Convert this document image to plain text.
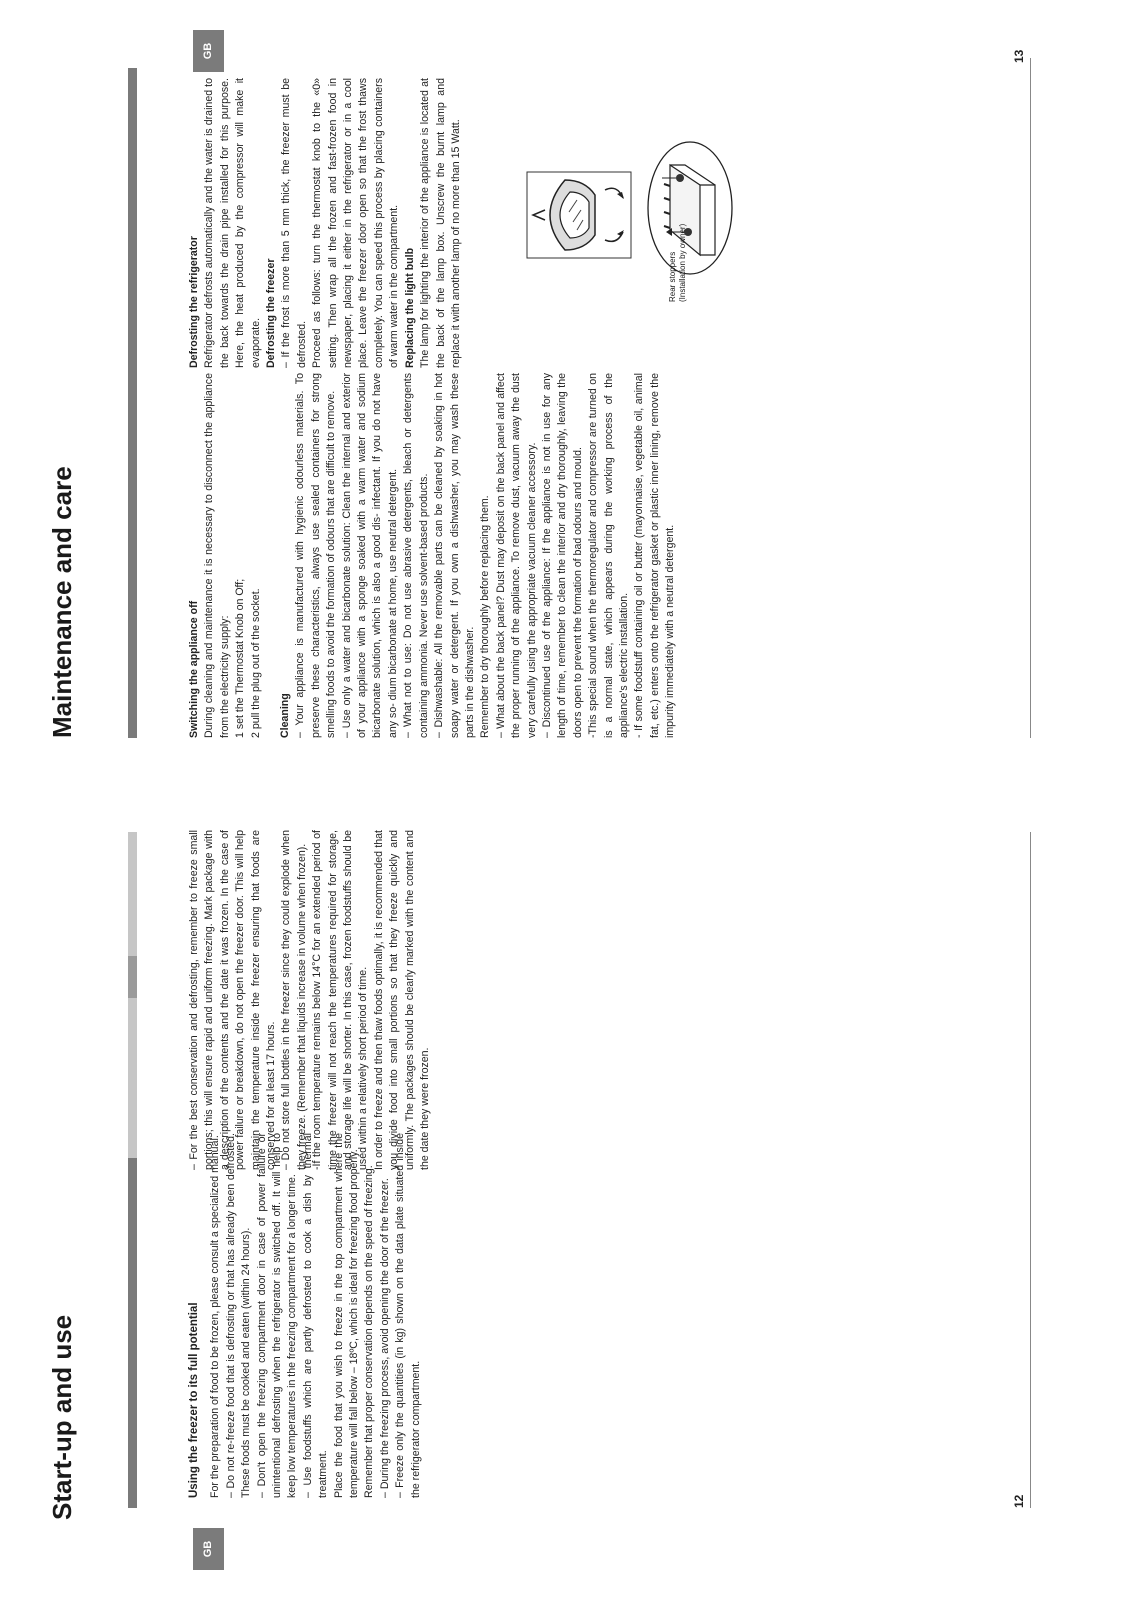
12
GB
Start-up and use	Using the freezer to its full potential For the preparation of food to be frozen, please consult a specialized manual. – Do not re-freeze food that is defrosting or that has already been defrosted. These foods must be cooked and eaten (within 24 hours). – Don't open the freezing compartment door in case of power failure or unintentional defrosting when the refrigerator is switched off. It will help to keep low temperatures in the freezing compartment for a longer time. – Use foodstuffs which are partly defrosted to cook a dish by thermal treatment. Place the food that you wish to freeze in the top compartment where the temperature will fall below – 18ºC, which is ideal for freezing food properly. Remember that proper conservation depends on the speed of freezing. – During the freezing process, avoid opening the door of the freezer. – Freeze only the quantities (in kg) shown on the data plate situated inside the refrigerator compartment.

– For the best conservation and defrosting, remember to freeze small portions; this will ensure rapid and uniform freezing. Mark package with a description of the contents and the date it was frozen. In the case of power failure or breakdown, do not open the freezer door. This will help maintain the temperature inside the freezer ensuring that foods are conserved for at least 17 hours. – Do not store full bottles in the freezer since they could explode when they freeze. (Remember that liquids increase in volume when frozen). -If the room temperature remains below 14°C for an extended period of time the freezer will not reach the temperatures required for storage, and storage life will be shorter. In this case, frozen foodstuffs should be used within a relatively short period of time. In order to freeze and then thaw foods optimally, it is recommended that you divide food into small portions so that they freeze quickly and uniformly. The packages should be clearly marked with the content and the date they were frozen.

GB
Maintenance and care	Switching the appliance off During cleaning and maintenance it is necessary to disconnect the appliance from the electricity supply: 1 set the Thermostat Knob on Off; 2 pull the plug out of the socket. Cleaning – Your appliance is manufactured with hygienic odourless materials. To preserve these characteristics, always use sealed containers for strong smelling foods to avoid the formation of odours that are difficult to remove. – Use only a water and bicarbonate solution: Clean the internal and exterior of your appliance with a sponge soaked with a warm water and sodium bicarbonate solution, which is also a good dis- infectant. If you do not have any so- dium bicarbonate at home, use neutral detergent. – What not to use: Do not use abrasive detergents, bleach or detergents containing ammonia. Never use solvent-based products. – Dishwashable: All the removable parts can be cleaned by soaking in hot soapy water or detergent. If you own a dishwasher, you may wash these parts in the dishwasher. Remember to dry thoroughly before replacing them. – What about the back panel? Dust may deposit on the back panel and affect the proper running of the appliance. To remove dust, vacuum away the dust very carefully using the appropriate vacuum cleaner accessory. – Discontinued use of the appliance: If the appliance is not in use for any length of time, remember to clean the interior and dry thoroughly, leaving the doors open to prevent the formation of bad odours and mould. -This special sound when the thermoregulator and compressor are turned on is a normal state, which appears during the working process of the appliance's electric installation. - If some foodstuff containing oil or butter (mayonnaise, vegetable oil, animal fat, etc.) enters onto the refrigerator gasket or plastic inner lining, remove the impurity immediately with a neutral detergent.

Defrosting the refrigerator Refrigerator defrosts automatically and the water is drained to the back towards the drain pipe installed for this purpose. Here, the heat produced by the compressor will make it evaporate. Defrosting the freezer – If the frost is more than 5 mm thick, the freezer must be defrosted. Proceed as follows: turn the thermostat knob to the «0» setting. Then wrap all the frozen and fast-frozen food in newspaper, placing it either in the refrigerator or in a cool place. Leave the freezer door open so that the frost thaws completely. You can speed this process by placing containers of warm water in the compartment. Replacing the light bulb The lamp for lighting the interior of the appliance is located at the back of the lamp box. Unscrew the burnt lamp and replace it with another lamp of no more than 15 Watt.	Rear stoppers (Installation by owner)
13
